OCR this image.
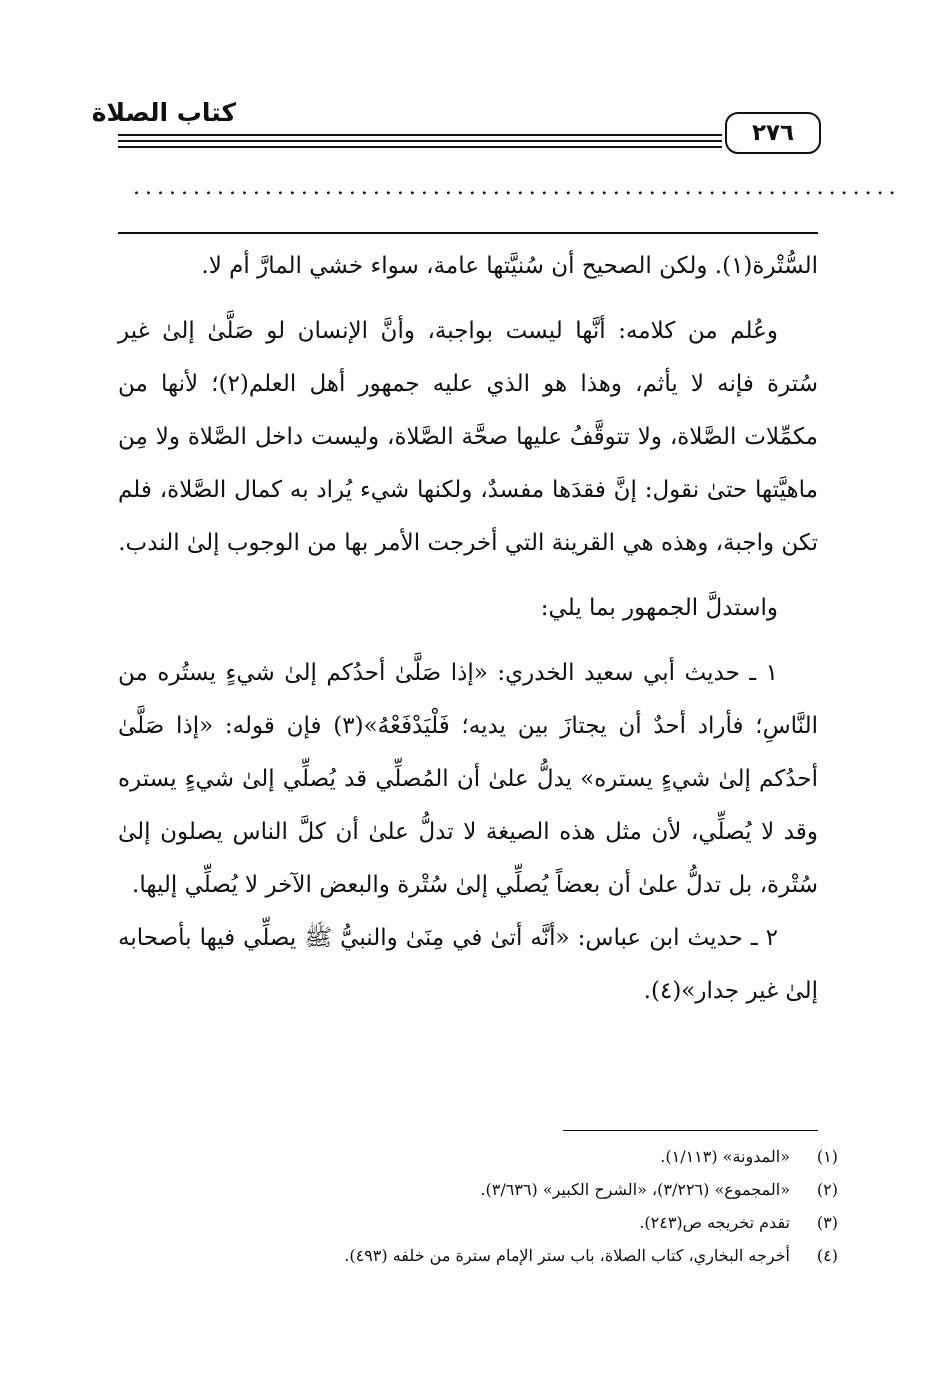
كتاب الصلاة
٢٧٦
................................................................

السُّتْرة(١). ولكن الصحيح أن سُنيَّتها عامة، سواء خشي المارَّ أم لا.

وعُلم من كلامه: أنَّها ليست بواجبة، وأنَّ الإنسان لو صَلَّىٰ إلىٰ غير سُترة فإنه لا يأثم، وهذا هو الذي عليه جمهور أهل العلم(٢)؛ لأنها من مكمِّلات الصَّلاة، ولا تتوقَّفُ عليها صحَّة الصَّلاة، وليست داخل الصَّلاة ولا مِن ماهيَّتها حتىٰ نقول: إنَّ فقدَها مفسدٌ، ولكنها شيء يُراد به كمال الصَّلاة، فلم تكن واجبة، وهذه هي القرينة التي أخرجت الأمر بها من الوجوب إلىٰ الندب.

واستدلَّ الجمهور بما يلي:

١ ـ حديث أبي سعيد الخدري: «إذا صَلَّىٰ أحدُكم إلىٰ شيءٍ يستُره من النَّاسِ؛ فأراد أحدٌ أن يجتازَ بين يديه؛ فَلْيَدْفَعْهُ»(٣) فإن قوله: «إذا صَلَّىٰ أحدُكم إلىٰ شيءٍ يستره» يدلُّ علىٰ أن المُصلِّي قد يُصلِّي إلىٰ شيءٍ يستره وقد لا يُصلِّي، لأن مثل هذه الصيغة لا تدلُّ علىٰ أن كلَّ الناس يصلون إلىٰ سُتْرة، بل تدلُّ علىٰ أن بعضاً يُصلِّي إلىٰ سُتْرة والبعض الآخر لا يُصلِّي إليها.

٢ ـ حديث ابن عباس: «أنَّه أتىٰ في مِنَىٰ والنبيُّ ﷺ يصلِّي فيها بأصحابه إلىٰ غير جدار»(٤).

(١)
«المدونة» (١/١١٣).
(٢)
«المجموع» (٣/٢٢٦)، «الشرح الكبير» (٣/٦٣٦).
(٣)
تقدم تخريجه ص(٢٤٣).
(٤)
أخرجه البخاري، كتاب الصلاة، باب ستر الإمام سترة من خلفه (٤٩٣).
